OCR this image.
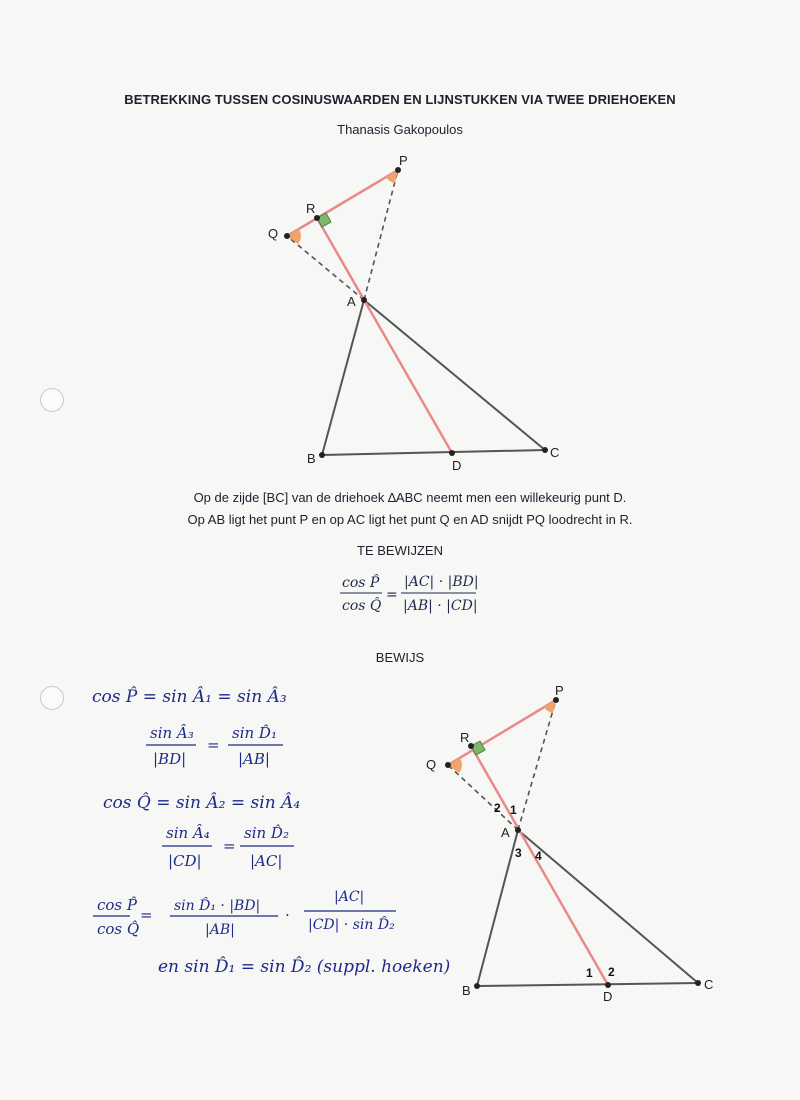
BETREKKING TUSSEN COSINUSWAARDEN EN LIJNSTUKKEN VIA TWEE DRIEHOEKEN
Thanasis Gakopoulos
Op de zijde [BC] van de driehoek ∆ABC neemt men een willekeurig punt D.
Op AB ligt het punt P en op AC ligt het punt Q en AD snijdt PQ loodrecht in R.
TE BEWIJZEN
BEWIJS
P
R
Q
A
B	D
C
cos P̂
cos Q̂
=
|AC| · |BD|
|AB| · |CD|
cos P̂ = sin Â₁ = sin Â₃
sin Â₃
|BD|
=
sin D̂₁
|AB|
cos Q̂ = sin Â₂ = sin Â₄
sin Â₄
|CD|
=
sin D̂₂
|AC|
cos P̂
cos Q̂
= sin D̂₁ · |BD|
|AB|
·
|AC|
|CD| · sin D̂₂
en sin D̂₁ = sin D̂₂ (suppl. hoeken)
P
R
Q
A
B	D
C
1
2
3 4
1 2
